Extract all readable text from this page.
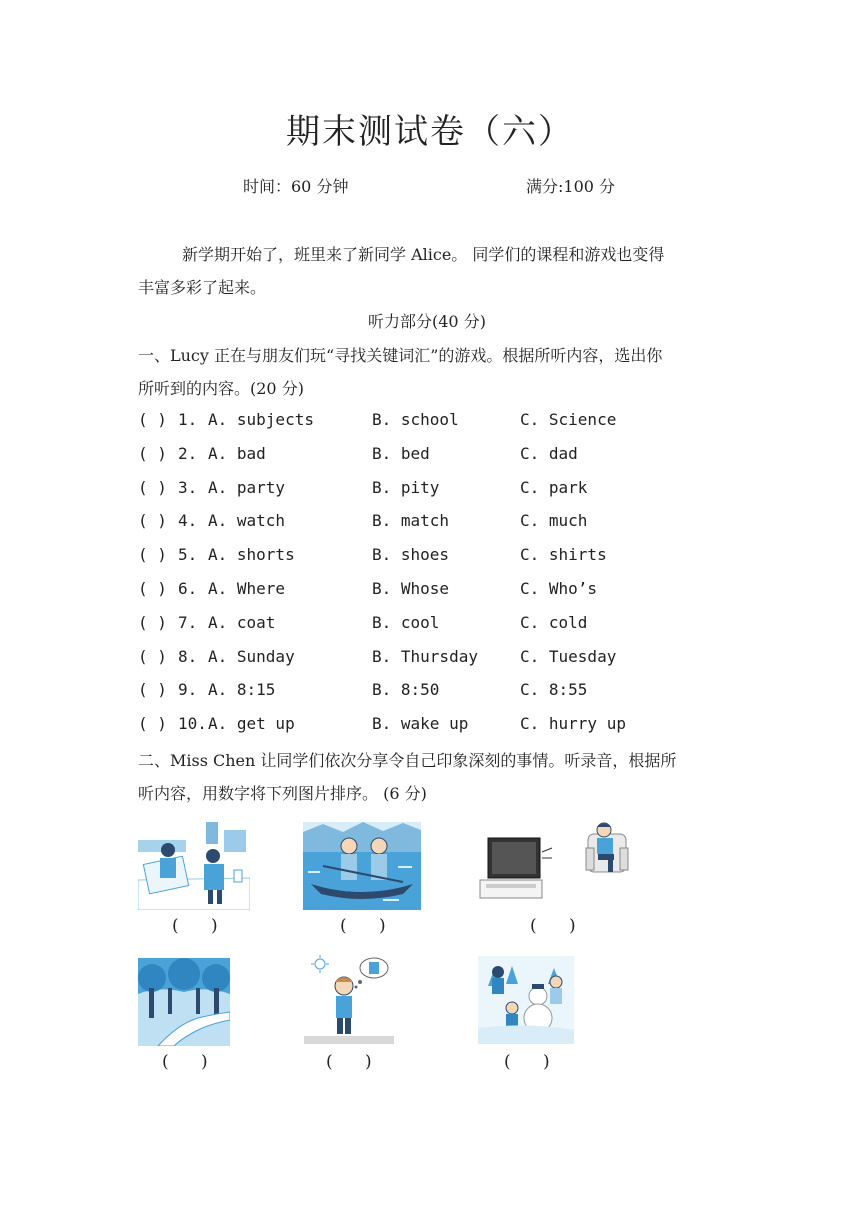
期末测试卷（六）
时间：60 分钟	满分:100 分
新学期开始了，班里来了新同学 Alice。 同学们的课程和游戏也变得
丰富多彩了起来。
听力部分(40 分)
一、Lucy 正在与朋友们玩“寻找关键词汇”的游戏。根据所听内容，选出你
所听到的内容。(20 分)
( ) 1. A. subjects	B. school	C. Science
( ) 2. A. bad	B. bed	C. dad
( ) 3. A. party	B. pity	C. park
( ) 4. A. watch	B. match	C. much
( ) 5. A. shorts	B. shoes	C. shirts
( ) 6. A. Where	B. Whose	C. Who’s
( ) 7. A. coat	B. cool	C. cold
( ) 8. A. Sunday	B. Thursday	C. Tuesday
( ) 9. A. 8:15	B. 8:50	C. 8:55
( ) 10. A. get up	B. wake up	C. hurry up
二、Miss Chen 让同学们依次分享令自己印象深刻的事情。听录音，根据所
听内容，用数字将下列图片排序。 (6 分)
(      )	(      )	(      )
(      )	(      )	(      )
